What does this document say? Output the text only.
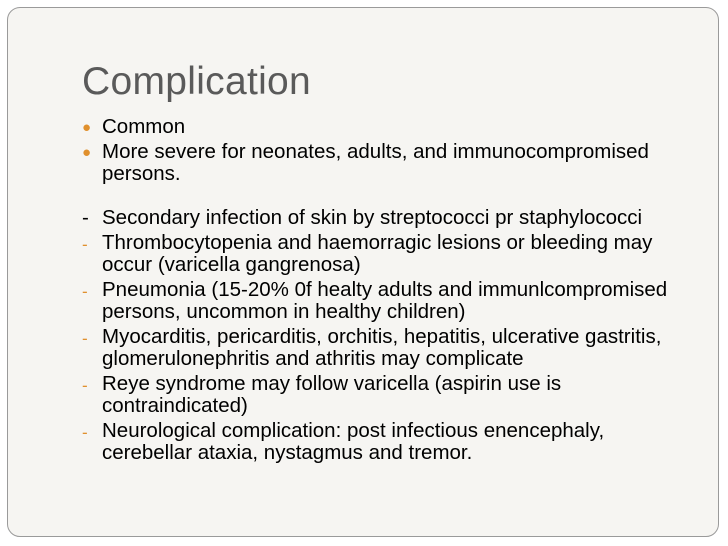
Complication
● Common
● More severe for neonates, adults, and immunocompromised persons.
- Secondary infection of skin by streptococci pr staphylococci
- Thrombocytopenia and haemorragic lesions or bleeding may occur (varicella gangrenosa)
- Pneumonia (15-20% 0f healty adults and immunlcompromised persons, uncommon in healthy children)
- Myocarditis, pericarditis, orchitis, hepatitis, ulcerative gastritis, glomerulonephritis and athritis may complicate
- Reye syndrome may follow varicella (aspirin use is contraindicated)
- Neurological complication: post infectious enencephaly, cerebellar ataxia, nystagmus and tremor.
